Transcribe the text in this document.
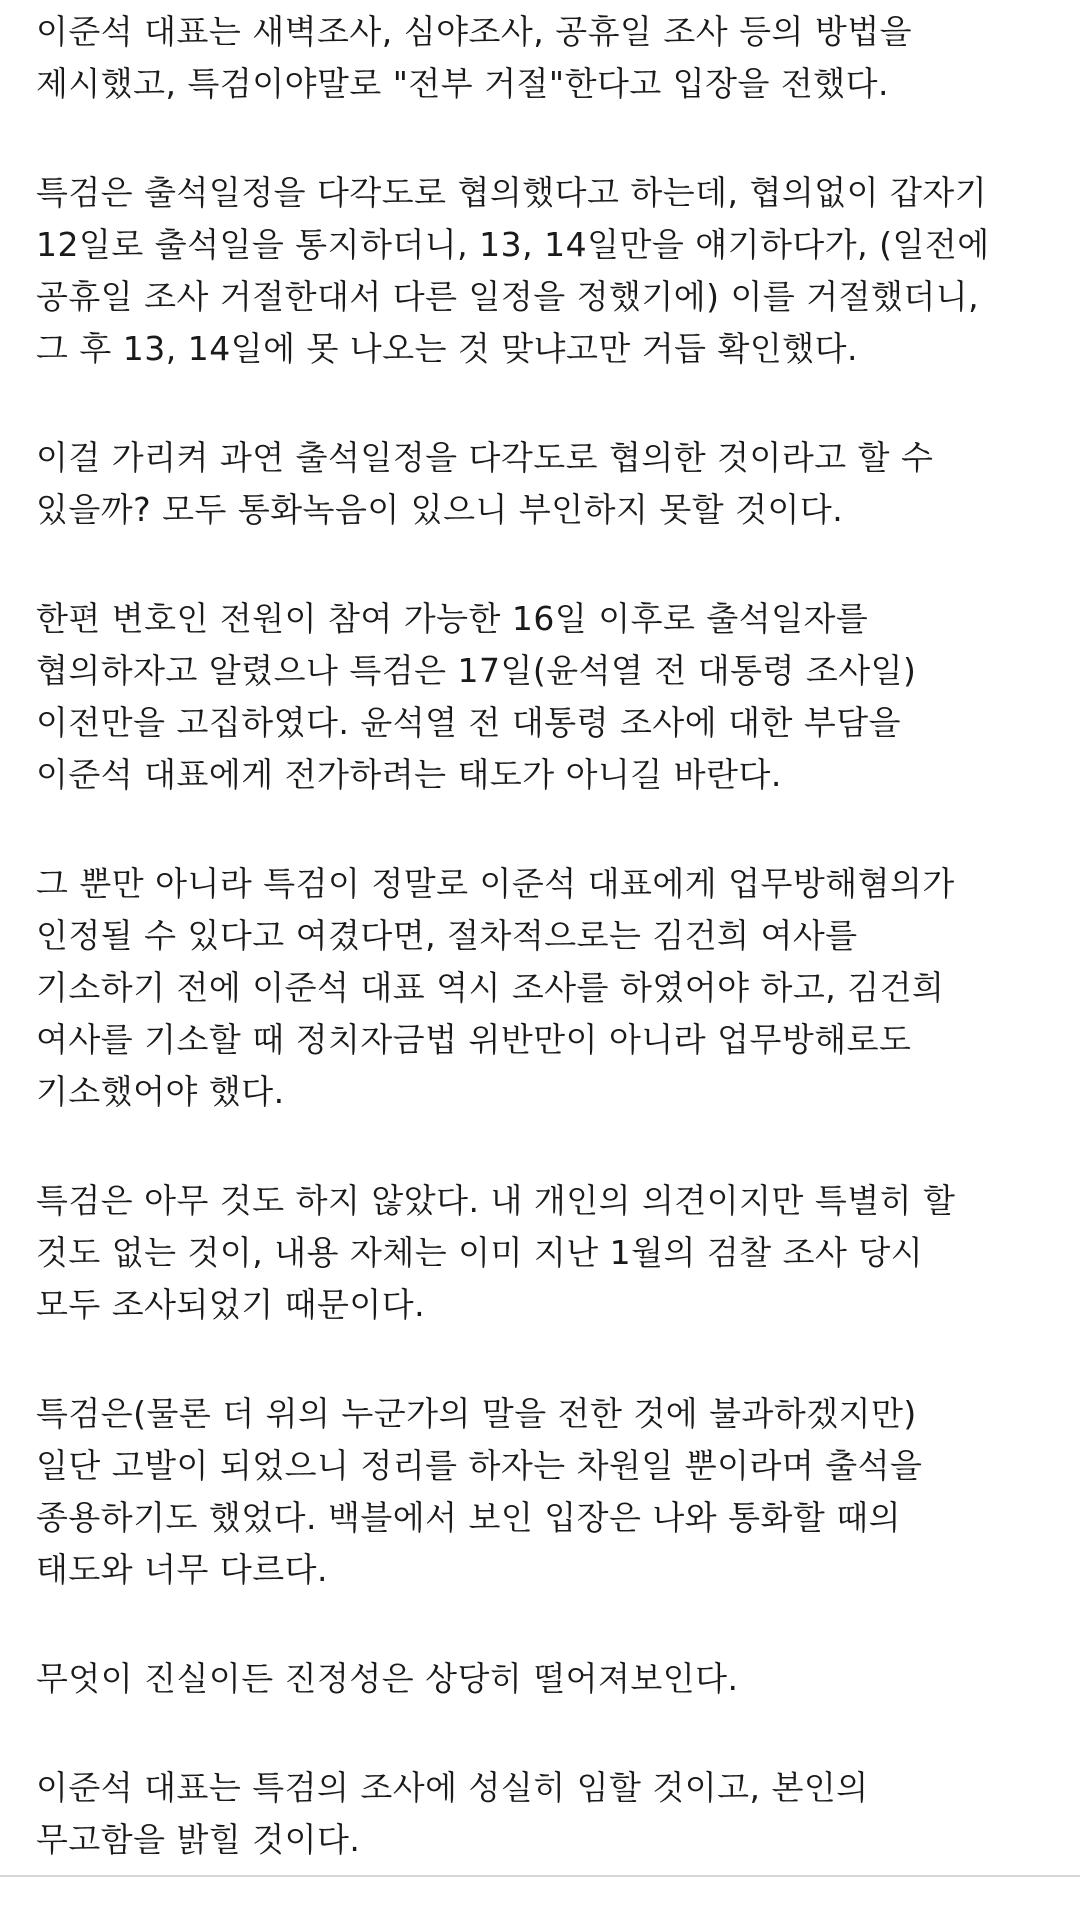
이준석 대표는 새벽조사, 심야조사, 공휴일 조사 등의 방법을
제시했고, 특검이야말로 "전부 거절"한다고 입장을 전했다.
특검은 출석일정을 다각도로 협의했다고 하는데, 협의없이 갑자기
12일로 출석일을 통지하더니, 13, 14일만을 얘기하다가, (일전에
공휴일 조사 거절한대서 다른 일정을 정했기에) 이를 거절했더니,
그 후 13, 14일에 못 나오는 것 맞냐고만 거듭 확인했다.
이걸 가리켜 과연 출석일정을 다각도로 협의한 것이라고 할 수
있을까? 모두 통화녹음이 있으니 부인하지 못할 것이다.
한편 변호인 전원이 참여 가능한 16일 이후로 출석일자를
협의하자고 알렸으나 특검은 17일(윤석열 전 대통령 조사일)
이전만을 고집하였다. 윤석열 전 대통령 조사에 대한 부담을
이준석 대표에게 전가하려는 태도가 아니길 바란다.
그 뿐만 아니라 특검이 정말로 이준석 대표에게 업무방해혐의가
인정될 수 있다고 여겼다면, 절차적으로는 김건희 여사를
기소하기 전에 이준석 대표 역시 조사를 하였어야 하고, 김건희
여사를 기소할 때 정치자금법 위반만이 아니라 업무방해로도
기소했어야 했다.
특검은 아무 것도 하지 않았다. 내 개인의 의견이지만 특별히 할
것도 없는 것이, 내용 자체는 이미 지난 1월의 검찰 조사 당시
모두 조사되었기 때문이다.
특검은(물론 더 위의 누군가의 말을 전한 것에 불과하겠지만)
일단 고발이 되었으니 정리를 하자는 차원일 뿐이라며 출석을
종용하기도 했었다. 백블에서 보인 입장은 나와 통화할 때의
태도와 너무 다르다.
무엇이 진실이든 진정성은 상당히 떨어져보인다.
이준석 대표는 특검의 조사에 성실히 임할 것이고, 본인의
무고함을 밝힐 것이다.
